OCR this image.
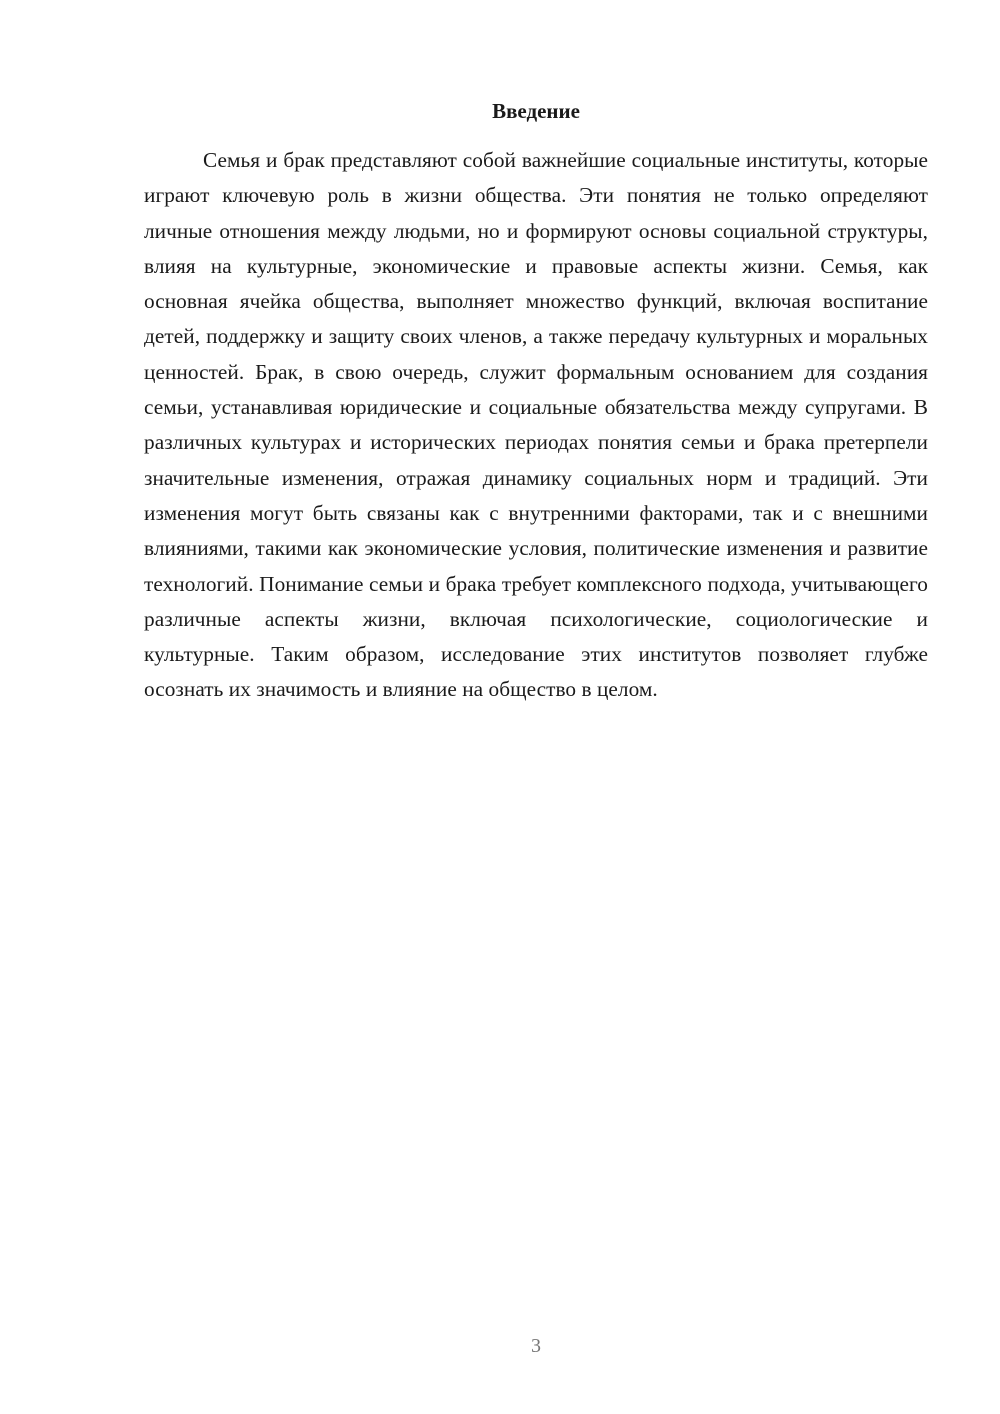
Введение

Семья и брак представляют собой важнейшие социальные институты, которые играют ключевую роль в жизни общества. Эти понятия не только определяют личные отношения между людьми, но и формируют основы социальной структуры, влияя на культурные, экономические и правовые аспекты жизни. Семья, как основная ячейка общества, выполняет множество функций, включая воспитание детей, поддержку и защиту своих членов, а также передачу культурных и моральных ценностей. Брак, в свою очередь, служит формальным основанием для создания семьи, устанавливая юридические и социальные обязательства между супругами. В различных культурах и исторических периодах понятия семьи и брака претерпели значительные изменения, отражая динамику социальных норм и традиций. Эти изменения могут быть связаны как с внутренними факторами, так и с внешними влияниями, такими как экономические условия, политические изменения и развитие технологий. Понимание семьи и брака требует комплексного подхода, учитывающего различные аспекты жизни, включая психологические, социологические и культурные. Таким образом, исследование этих институтов позволяет глубже осознать их значимость и влияние на общество в целом.

3
